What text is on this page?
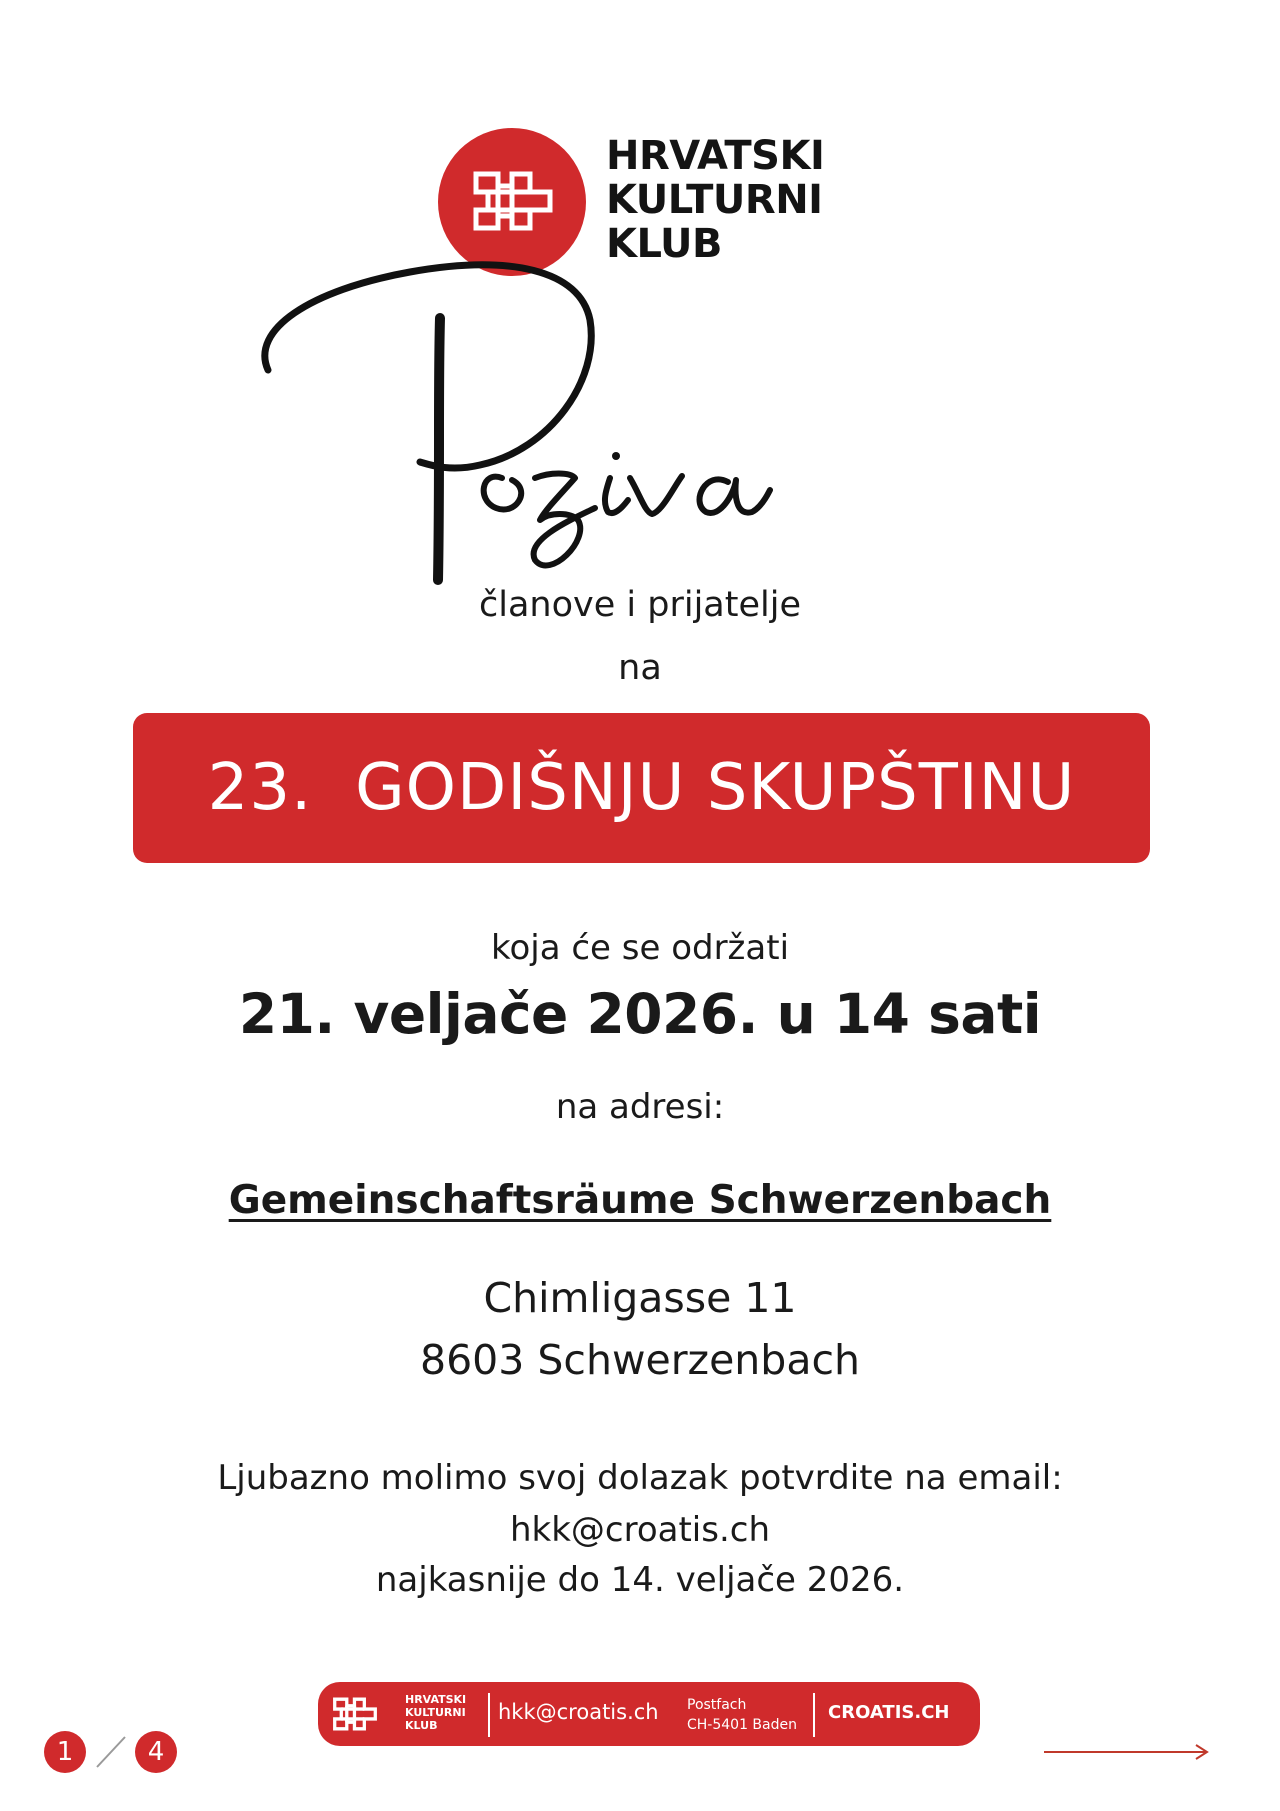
HRVATSKI
KULTURNI
KLUB
Poziva
članove i prijatelje
na
23.  GODIŠNJU SKUPŠTINU
koja će se održati
21. veljače 2026. u 14 sati
na adresi:
Gemeinschaftsräume Schwerzenbach
Chimligasse 11
8603 Schwerzenbach
Ljubazno molimo svoj dolazak potvrdite na email:
hkk@croatis.ch
najkasnije do 14. veljače 2026.
HRVATSKI
KULTURNI
KLUB
hkk@croatis.ch Postfach
CH-5401 Baden
CROATIS.CH
1	4
